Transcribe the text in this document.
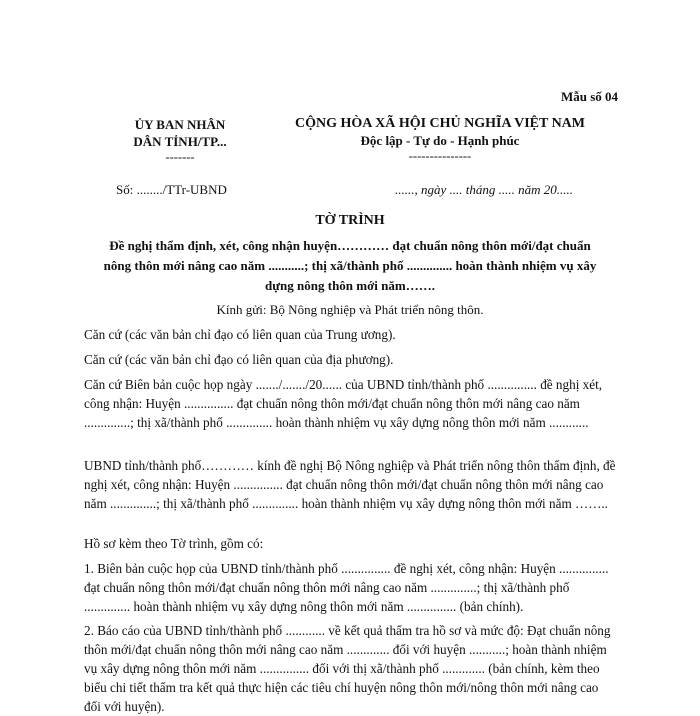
Mẫu số 04
ỦY BAN NHÂN
DÂN TỈNH/TP...
-------
Số: ......../TTr-UBND
CỘNG HÒA XÃ HỘI CHỦ NGHĨA VIỆT NAM
Độc lập - Tự do - Hạnh phúc
---------------
......, ngày .... tháng ..... năm 20.....
TỜ TRÌNH
Đề nghị thẩm định, xét, công nhận huyện………… đạt chuẩn nông thôn mới/đạt chuẩn
nông thôn mới nâng cao năm ...........; thị xã/thành phố .............. hoàn thành nhiệm vụ xây
dựng nông thôn mới năm…….
Kính gửi: Bộ Nông nghiệp và Phát triển nông thôn.
Căn cứ (các văn bản chỉ đạo có liên quan của Trung ương).
Căn cứ (các văn bản chỉ đạo có liên quan của địa phương).
Căn cứ Biên bản cuộc họp ngày ......./......./20...... của UBND tỉnh/thành phố ............... đề nghị xét, công nhận: Huyện ............... đạt chuẩn nông thôn mới/đạt chuẩn nông thôn mới nâng cao năm ..............; thị xã/thành phố .............. hoàn thành nhiệm vụ xây dựng nông thôn mới năm ............
UBND tỉnh/thành phố………… kính đề nghị Bộ Nông nghiệp và Phát triển nông thôn thẩm định, đề nghị xét, công nhận: Huyện ............... đạt chuẩn nông thôn mới/đạt chuẩn nông thôn mới nâng cao năm ..............; thị xã/thành phố .............. hoàn thành nhiệm vụ xây dựng nông thôn mới năm ……..
Hồ sơ kèm theo Tờ trình, gồm có:
1. Biên bản cuộc họp của UBND tỉnh/thành phố ............... đề nghị xét, công nhận: Huyện ............... đạt chuẩn nông thôn mới/đạt chuẩn nông thôn mới nâng cao năm ..............; thị xã/thành phố .............. hoàn thành nhiệm vụ xây dựng nông thôn mới năm ............... (bản chính).
2. Báo cáo của UBND tỉnh/thành phố ............ về kết quả thẩm tra hồ sơ và mức độ: Đạt chuẩn nông thôn mới/đạt chuẩn nông thôn mới nâng cao năm ............. đối với huyện ...........; hoàn thành nhiệm vụ xây dựng nông thôn mới năm ............... đối với thị xã/thành phố ............. (bản chính, kèm theo biểu chi tiết thẩm tra kết quả thực hiện các tiêu chí huyện nông thôn mới/nông thôn mới nâng cao đối với huyện).
